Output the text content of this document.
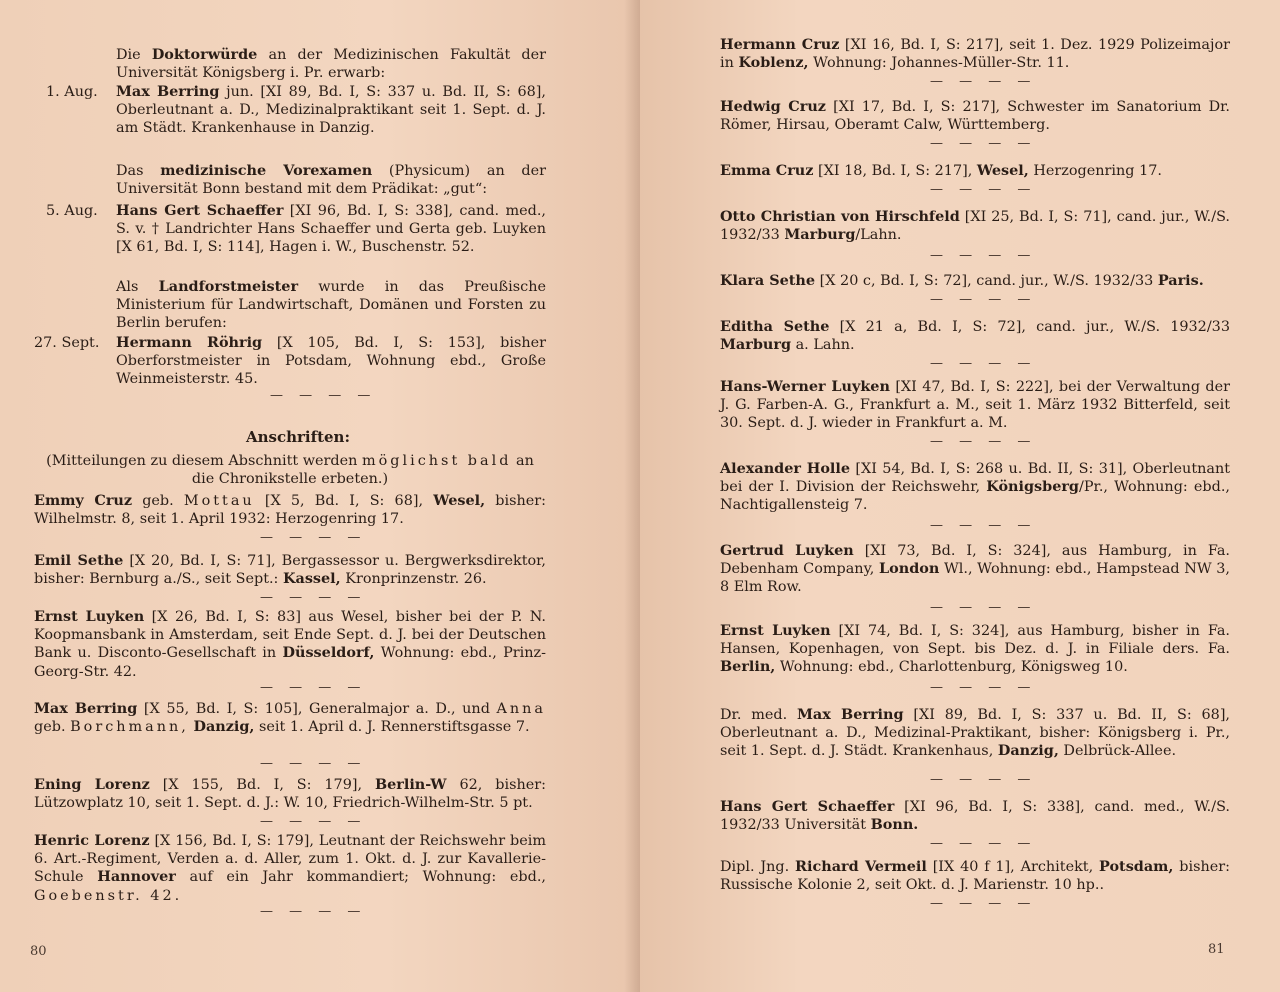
Die Doktorwürde an der Medizinischen Fakultät der Universität Königsberg i. Pr. erwarb:
1. Aug. Max Berring jun. [XI 89, Bd. I, S: 337 u. Bd. II, S: 68], Oberleutnant a. D., Medizinalpraktikant seit 1. Sept. d. J. am Städt. Krankenhause in Danzig.
Das medizinische Vorexamen (Physicum) an der Universität Bonn bestand mit dem Prädikat: „gut“:
5. Aug. Hans Gert Schaeffer [XI 96, Bd. I, S: 338], cand. med., S. v. † Landrichter Hans Schaeffer und Gerta geb. Luyken [X 61, Bd. I, S: 114], Hagen i. W., Buschenstr. 52.
Als Landforstmeister wurde in das Preußische Ministerium für Landwirtschaft, Domänen und Forsten zu Berlin berufen:
27. Sept. Hermann Röhrig [X 105, Bd. I, S: 153], bisher Oberforstmeister in Potsdam, Wohnung ebd., Große Weinmeisterstr. 45.
— — — —
Anschriften:
(Mitteilungen zu diesem Abschnitt werden möglichst bald an die Chronikstelle erbeten.)
Emmy Cruz geb. Mottau [X 5, Bd. I, S: 68], Wesel, bisher: Wilhelmstr. 8, seit 1. April 1932: Herzogenring 17.
— — — —
Emil Sethe [X 20, Bd. I, S: 71], Bergassessor u. Bergwerksdirektor, bisher: Bernburg a./S., seit Sept.: Kassel, Kronprinzenstr. 26.
— — — —
Ernst Luyken [X 26, Bd. I, S: 83] aus Wesel, bisher bei der P. N. Koopmansbank in Amsterdam, seit Ende Sept. d. J. bei der Deutschen Bank u. Disconto-Gesellschaft in Düsseldorf, Wohnung: ebd., Prinz-Georg-Str. 42.
— — — —
Max Berring [X 55, Bd. I, S: 105], Generalmajor a. D., und Anna geb. Borchmann, Danzig, seit 1. April d. J. Rennerstiftsgasse 7.
— — — —
Ening Lorenz [X 155, Bd. I, S: 179], Berlin-W 62, bisher: Lützowplatz 10, seit 1. Sept. d. J.: W. 10, Friedrich-Wilhelm-Str. 5 pt.
— — — —
Henric Lorenz [X 156, Bd. I, S: 179], Leutnant der Reichswehr beim 6. Art.-Regiment, Verden a. d. Aller, zum 1. Okt. d. J. zur Kavallerie-Schule Hannover auf ein Jahr kommandiert; Wohnung: ebd., Goebenstr. 42.
— — — —
80
Hermann Cruz [XI 16, Bd. I, S: 217], seit 1. Dez. 1929 Polizeimajor in Koblenz, Wohnung: Johannes-Müller-Str. 11.
— — — —
Hedwig Cruz [XI 17, Bd. I, S: 217], Schwester im Sanatorium Dr. Römer, Hirsau, Oberamt Calw, Württemberg.
— — — —
Emma Cruz [XI 18, Bd. I, S: 217], Wesel, Herzogenring 17.
— — — —
Otto Christian von Hirschfeld [XI 25, Bd. I, S: 71], cand. jur., W./S. 1932/33 Marburg/Lahn.
— — — —
Klara Sethe [X 20 c, Bd. I, S: 72], cand. jur., W./S. 1932/33 Paris.
— — — —
Editha Sethe [X 21 a, Bd. I, S: 72], cand. jur., W./S. 1932/33 Marburg a. Lahn.
— — — —
Hans-Werner Luyken [XI 47, Bd. I, S: 222], bei der Verwaltung der J. G. Farben-A. G., Frankfurt a. M., seit 1. März 1932 Bitterfeld, seit 30. Sept. d. J. wieder in Frankfurt a. M.
— — — —
Alexander Holle [XI 54, Bd. I, S: 268 u. Bd. II, S: 31], Oberleutnant bei der I. Division der Reichswehr, Königsberg/Pr., Wohnung: ebd., Nachtigallensteig 7.
— — — —
Gertrud Luyken [XI 73, Bd. I, S: 324], aus Hamburg, in Fa. Debenham Company, London Wl., Wohnung: ebd., Hampstead NW 3, 8 Elm Row.
— — — —
Ernst Luyken [XI 74, Bd. I, S: 324], aus Hamburg, bisher in Fa. Hansen, Kopenhagen, von Sept. bis Dez. d. J. in Filiale ders. Fa. Berlin, Wohnung: ebd., Charlottenburg, Königsweg 10.
— — — —
Dr. med. Max Berring [XI 89, Bd. I, S: 337 u. Bd. II, S: 68], Oberleutnant a. D., Medizinal-Praktikant, bisher: Königsberg i. Pr., seit 1. Sept. d. J. Städt. Krankenhaus, Danzig, Delbrück-Allee.
— — — —
Hans Gert Schaeffer [XI 96, Bd. I, S: 338], cand. med., W./S. 1932/33 Universität Bonn.
— — — —
Dipl. Jng. Richard Vermeil [IX 40 f 1], Architekt, Potsdam, bisher: Russische Kolonie 2, seit Okt. d. J. Marienstr. 10 hp..
— — — —
81
